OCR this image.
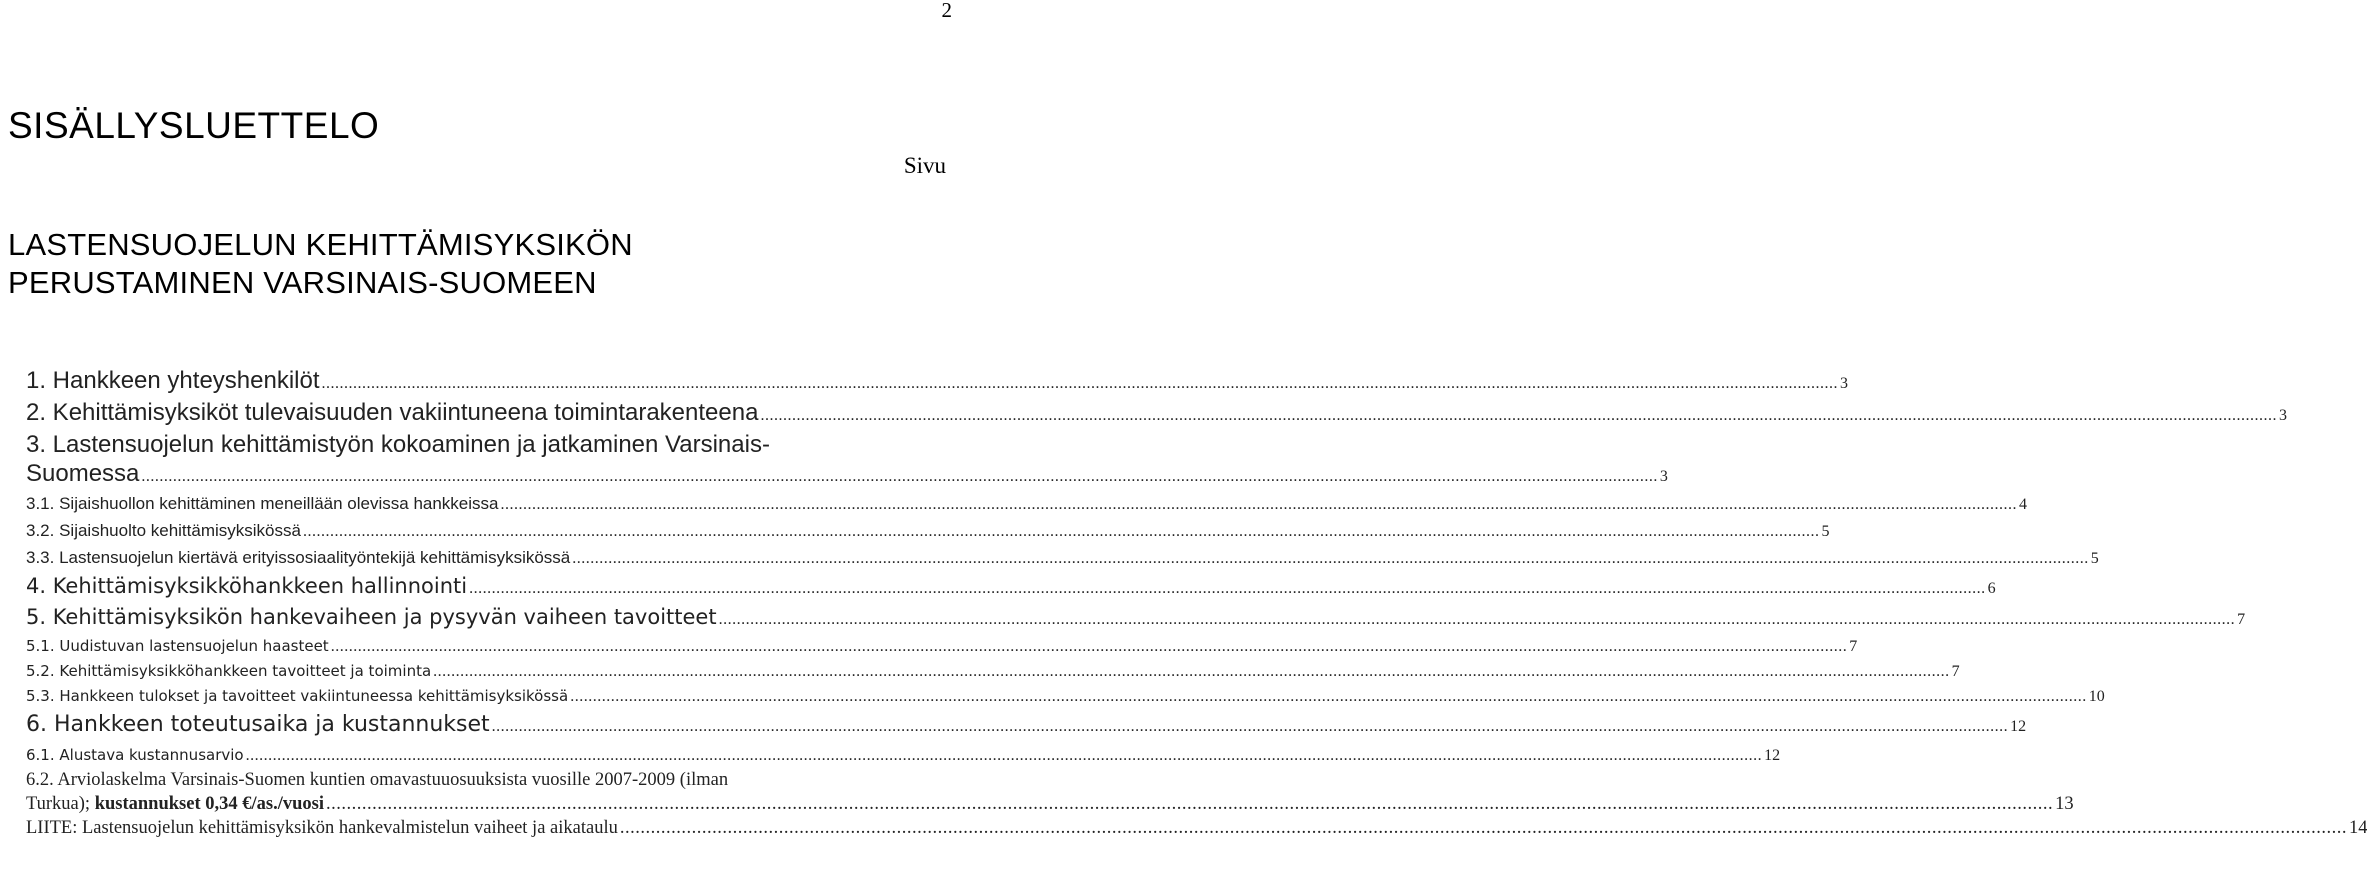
2
SISÄLLYSLUETTELO
Sivu
LASTENSUOJELUN KEHITTÄMISYKSIKÖN
PERUSTAMINEN VARSINAIS-SUOMEEN
1. Hankkeen yhteyshenkilöt ................................................................................................................................................................................................................................................................................................................................................. 3
2. Kehittämisyksiköt tulevaisuuden vakiintuneena toimintarakenteena ................................................................................................................................................................................................................................................................................................................................................. 3
3. Lastensuojelun kehittämistyön kokoaminen ja jatkaminen Varsinais-
Suomessa ................................................................................................................................................................................................................................................................................................................................................. 3
3.1. Sijaishuollon kehittäminen meneillään olevissa hankkeissa ................................................................................................................................................................................................................................................................................................................................................. 4
3.2. Sijaishuolto kehittämisyksikössä ................................................................................................................................................................................................................................................................................................................................................. 5
3.3. Lastensuojelun kiertävä erityissosiaalityöntekijä kehittämisyksikössä ................................................................................................................................................................................................................................................................................................................................................. 5
4. Kehittämisyksikköhankkeen hallinnointi ................................................................................................................................................................................................................................................................................................................................................. 6
5. Kehittämisyksikön hankevaiheen ja pysyvän vaiheen tavoitteet ................................................................................................................................................................................................................................................................................................................................................. 7
5.1. Uudistuvan lastensuojelun haasteet ................................................................................................................................................................................................................................................................................................................................................. 7
5.2. Kehittämisyksikköhankkeen tavoitteet ja toiminta ................................................................................................................................................................................................................................................................................................................................................. 7
5.3. Hankkeen tulokset ja tavoitteet vakiintuneessa kehittämisyksikössä ................................................................................................................................................................................................................................................................................................................................................. 10
6. Hankkeen toteutusaika ja kustannukset ................................................................................................................................................................................................................................................................................................................................................. 12
6.1. Alustava kustannusarvio ................................................................................................................................................................................................................................................................................................................................................. 12
6.2. Arviolaskelma Varsinais-Suomen kuntien omavastuuosuuksista vuosille 2007-2009 (ilman
Turkua); kustannukset 0,34 €/as./vuosi ................................................................................................................................................................................................................................................................................................................................................. 13
LIITE: Lastensuojelun kehittämisyksikön hankevalmistelun vaiheet ja aikataulu ................................................................................................................................................................................................................................................................................................................................................. 14
